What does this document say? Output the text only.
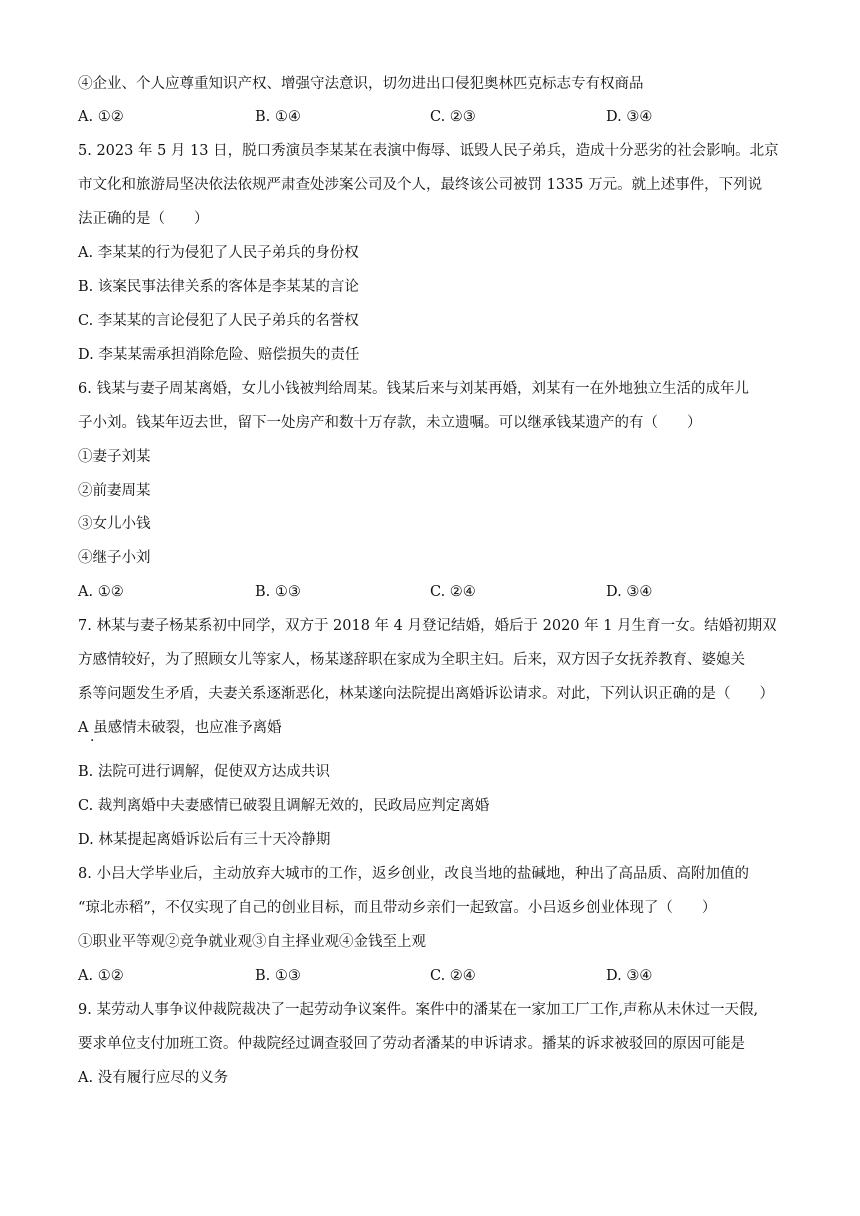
④企业、个人应尊重知识产权、增强守法意识，切勿进出口侵犯奥林匹克标志专有权商品
A. ①②	B. ①④	C. ②③	D. ③④
5. 2023 年 5 月 13 日，脱口秀演员李某某在表演中侮辱、诋毁人民子弟兵，造成十分恶劣的社会影响。北京
市文化和旅游局坚决依法依规严肃查处涉案公司及个人，最终该公司被罚 1335 万元。就上述事件，下列说
法正确的是（　　）
A. 李某某的行为侵犯了人民子弟兵的身份权
B. 该案民事法律关系的客体是李某某的言论
C. 李某某的言论侵犯了人民子弟兵的名誉权
D. 李某某需承担消除危险、赔偿损失的责任
6. 钱某与妻子周某离婚，女儿小钱被判给周某。钱某后来与刘某再婚，刘某有一在外地独立生活的成年儿
子小刘。钱某年迈去世，留下一处房产和数十万存款，未立遗嘱。可以继承钱某遗产的有（　　）
①妻子刘某
②前妻周某
③女儿小钱
④继子小刘
A. ①②	B. ①③	C. ②④	D. ③④
7. 林某与妻子杨某系初中同学，双方于 2018 年 4 月登记结婚，婚后于 2020 年 1 月生育一女。结婚初期双
方感情较好，为了照顾女儿等家人，杨某遂辞职在家成为全职主妇。后来，双方因子女抚养教育、婆媳关
系等问题发生矛盾，夫妻关系逐渐恶化，林某遂向法院提出离婚诉讼请求。对此，下列认识正确的是（　　）
A 虽感情未破裂，也应准予离婚
·
B. 法院可进行调解，促使双方达成共识
C. 裁判离婚中夫妻感情已破裂且调解无效的，民政局应判定离婚
D. 林某提起离婚诉讼后有三十天冷静期
8. 小吕大学毕业后，主动放弃大城市的工作，返乡创业，改良当地的盐碱地，种出了高品质、高附加值的
“琼北赤稻”，不仅实现了自己的创业目标，而且带动乡亲们一起致富。小吕返乡创业体现了（　　）
①职业平等观②竞争就业观③自主择业观④金钱至上观
A. ①②	B. ①③	C. ②④	D. ③④
9. 某劳动人事争议仲裁院裁决了一起劳动争议案件。案件中的潘某在一家加工厂工作,声称从未休过一天假,
要求单位支付加班工资。仲裁院经过调查驳回了劳动者潘某的申诉请求。播某的诉求被驳回的原因可能是
A. 没有履行应尽的义务
